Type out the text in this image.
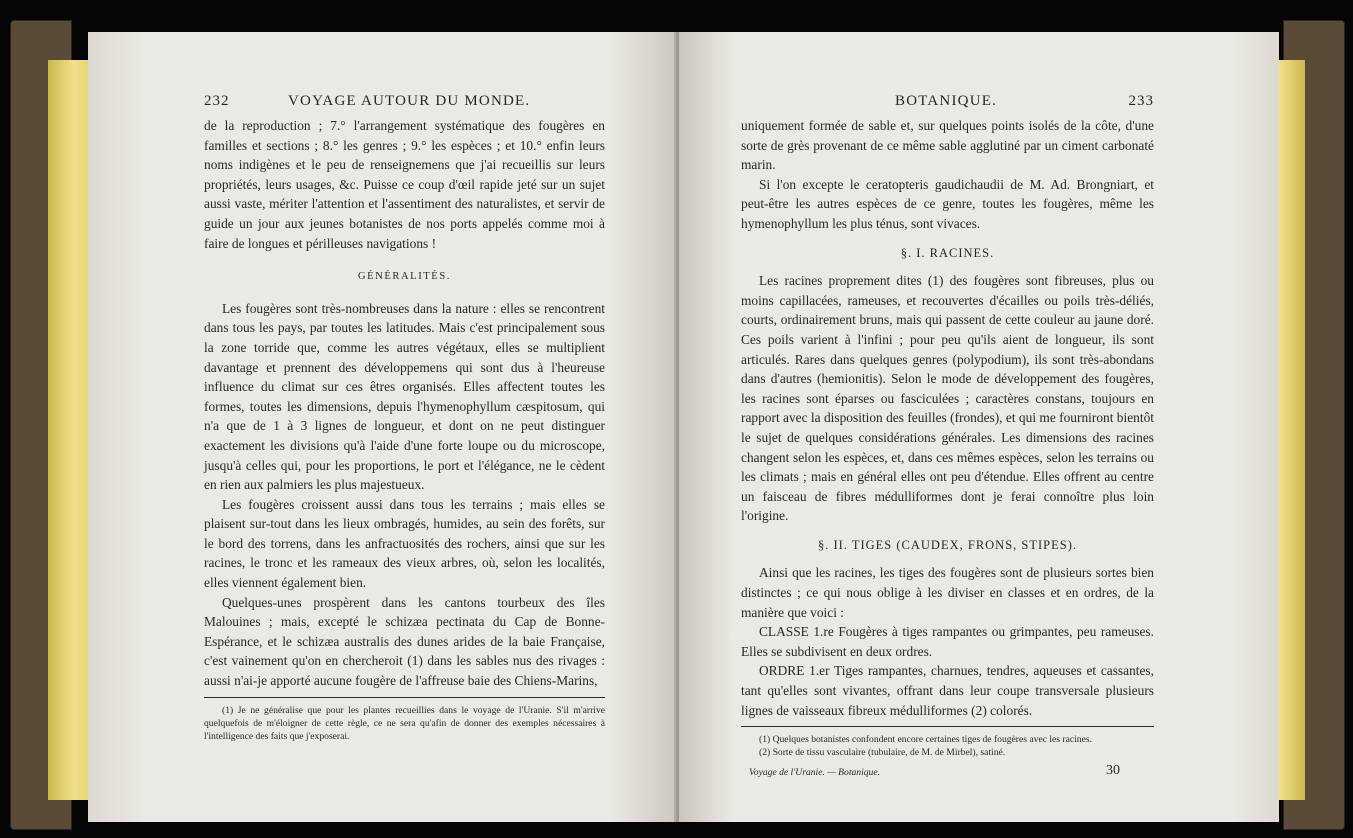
232	VOYAGE AUTOUR DU MONDE.

de la reproduction ; 7.° l'arrangement systématique des fougères en familles et sections ; 8.° les genres ; 9.° les espèces ; et 10.° enfin leurs noms indigènes et le peu de renseignemens que j'ai recueillis sur leurs propriétés, leurs usages, &c. Puisse ce coup d'œil rapide jeté sur un sujet aussi vaste, mériter l'attention et l'assentiment des naturalistes, et servir de guide un jour aux jeunes botanistes de nos ports appelés comme moi à faire de longues et périlleuses navigations !

GÉNÉRALITÉS.

Les fougères sont très-nombreuses dans la nature : elles se rencontrent dans tous les pays, par toutes les latitudes. Mais c'est principalement sous la zone torride que, comme les autres végétaux, elles se multiplient davantage et prennent des développemens qui sont dus à l'heureuse influence du climat sur ces êtres organisés. Elles affectent toutes les formes, toutes les dimensions, depuis l'hymenophyllum cæspitosum, qui n'a que de 1 à 3 lignes de longueur, et dont on ne peut distinguer exactement les divisions qu'à l'aide d'une forte loupe ou du microscope, jusqu'à celles qui, pour les proportions, le port et l'élégance, ne le cèdent en rien aux palmiers les plus majestueux.

Les fougères croissent aussi dans tous les terrains ; mais elles se plaisent sur-tout dans les lieux ombragés, humides, au sein des forêts, sur le bord des torrens, dans les anfractuosités des rochers, ainsi que sur les racines, le tronc et les rameaux des vieux arbres, où, selon les localités, elles viennent également bien.

Quelques-unes prospèrent dans les cantons tourbeux des îles Malouines ; mais, excepté le schizæa pectinata du Cap de Bonne-Espérance, et le schizæa australis des dunes arides de la baie Française, c'est vainement qu'on en chercheroit (1) dans les sables nus des rivages : aussi n'ai-je apporté aucune fougère de l'affreuse baie des Chiens-Marins,

(1) Je ne généralise que pour les plantes recueillies dans le voyage de l'Uranie. S'il m'arrive quelquefois de m'éloigner de cette règle, ce ne sera qu'afin de donner des exemples nécessaires à l'intelligence des faits que j'exposerai.

BOTANIQUE.	233

uniquement formée de sable et, sur quelques points isolés de la côte, d'une sorte de grès provenant de ce même sable agglutiné par un ciment carbonaté marin.

Si l'on excepte le ceratopteris gaudichaudii de M. Ad. Brongniart, et peut-être les autres espèces de ce genre, toutes les fougères, même les hymenophyllum les plus ténus, sont vivaces.

§. I. RACINES.

Les racines proprement dites (1) des fougères sont fibreuses, plus ou moins capillacées, rameuses, et recouvertes d'écailles ou poils très-déliés, courts, ordinairement bruns, mais qui passent de cette couleur au jaune doré. Ces poils varient à l'infini ; pour peu qu'ils aient de longueur, ils sont articulés. Rares dans quelques genres (polypodium), ils sont très-abondans dans d'autres (hemionitis). Selon le mode de développement des fougères, les racines sont éparses ou fasciculées ; caractères constans, toujours en rapport avec la disposition des feuilles (frondes), et qui me fourniront bientôt le sujet de quelques considérations générales. Les dimensions des racines changent selon les espèces, et, dans ces mêmes espèces, selon les terrains ou les climats ; mais en général elles ont peu d'étendue. Elles offrent au centre un faisceau de fibres médulliformes dont je ferai connoître plus loin l'origine.

§. II. TIGES (CAUDEX, FRONS, STIPES).

Ainsi que les racines, les tiges des fougères sont de plusieurs sortes bien distinctes ; ce qui nous oblige à les diviser en classes et en ordres, de la manière que voici :

CLASSE 1.re Fougères à tiges rampantes ou grimpantes, peu rameuses. Elles se subdivisent en deux ordres.

ORDRE 1.er Tiges rampantes, charnues, tendres, aqueuses et cassantes, tant qu'elles sont vivantes, offrant dans leur coupe transversale plusieurs lignes de vaisseaux fibreux médulliformes (2) colorés.

(1) Quelques botanistes confondent encore certaines tiges de fougères avec les racines.

(2) Sorte de tissu vasculaire (tubulaire, de M. de Mirbel), satiné.

Voyage de l'Uranie. — Botanique.	30
